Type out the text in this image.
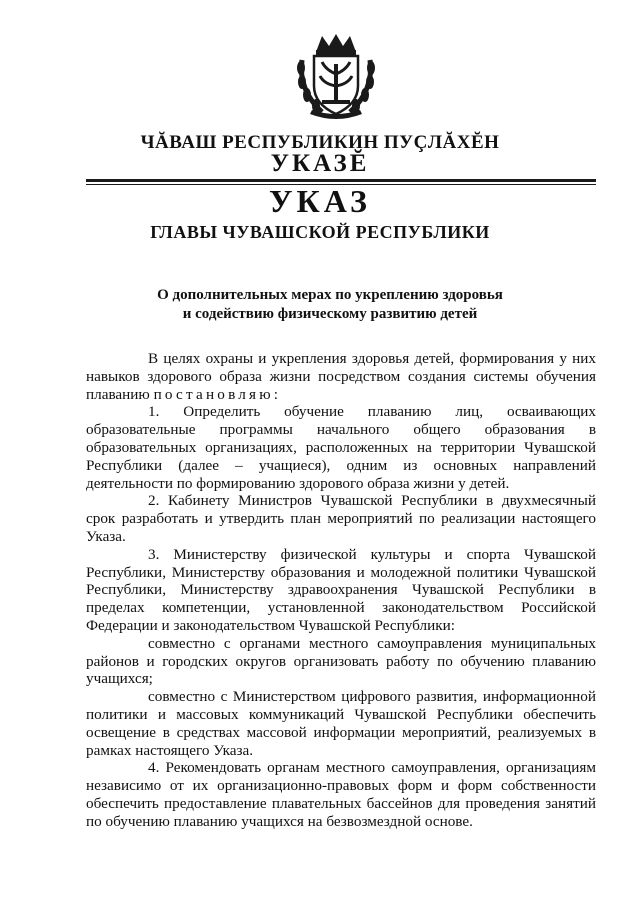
ЧĂВАШ РЕСПУБЛИКИН ПУÇЛĂХĔН
УКАЗĔ
УКАЗ
ГЛАВЫ ЧУВАШСКОЙ РЕСПУБЛИКИ
О дополнительных мерах по укреплению здоровья
и содействию физическому развитию детей

В целях охраны и укрепления здоровья детей, формирования у них навыков здорового образа жизни посредством создания системы обучения плаванию постановляю:

1. Определить обучение плаванию лиц, осваивающих образовательные программы начального общего образования в образовательных организациях, расположенных на территории Чувашской Республики (далее – учащиеся), одним из основных направлений деятельности по формированию здорового образа жизни у детей.

2. Кабинету Министров Чувашской Республики в двухмесячный срок разработать и утвердить план мероприятий по реализации настоящего Указа.

3. Министерству физической культуры и спорта Чувашской Республики, Министерству образования и молодежной политики Чувашской Республики, Министерству здравоохранения Чувашской Республики в пределах компетенции, установленной законодательством Российской Федерации и законодательством Чувашской Республики:

совместно с органами местного самоуправления муниципальных районов и городских округов организовать работу по обучению плаванию учащихся;

совместно с Министерством цифрового развития, информационной политики и массовых коммуникаций Чувашской Республики обеспечить освещение в средствах массовой информации мероприятий, реализуемых в рамках настоящего Указа.

4. Рекомендовать органам местного самоуправления, организациям независимо от их организационно-правовых форм и форм собственности обеспечить предоставление плавательных бассейнов для проведения занятий по обучению плаванию учащихся на безвозмездной основе.
